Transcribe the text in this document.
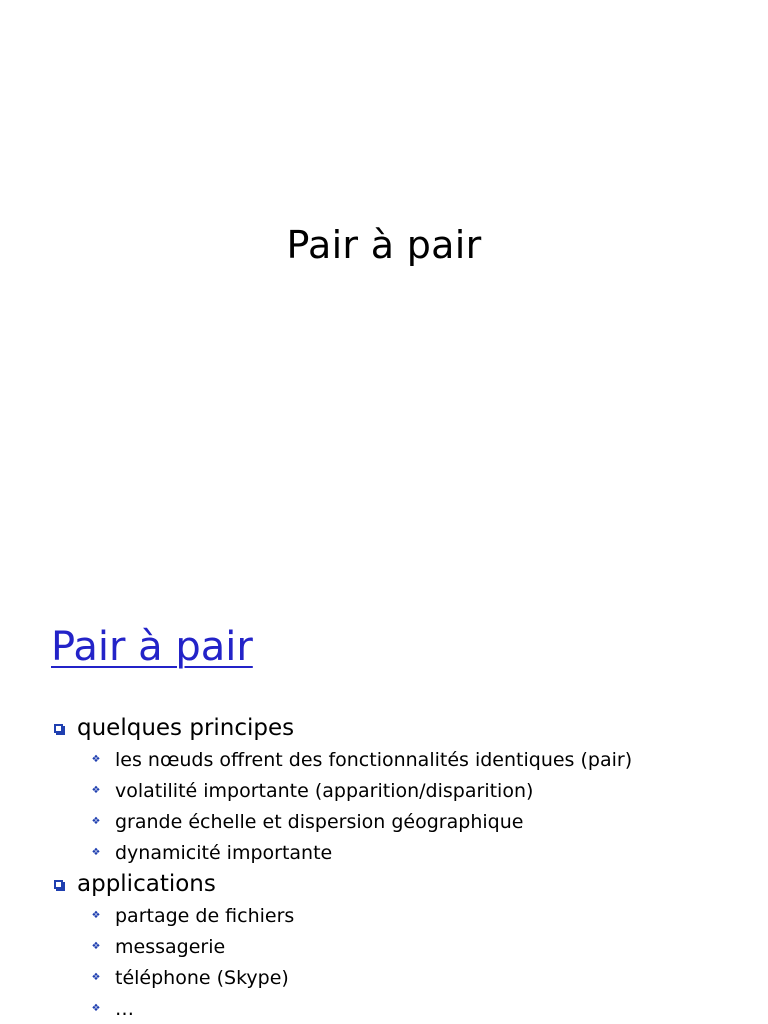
Pair à pair
Pair à pair
quelques principes
❖ les nœuds offrent des fonctionnalités identiques (pair)
❖ volatilité importante (apparition/disparition)
❖ grande échelle et dispersion géographique
❖ dynamicité importante
applications
❖ partage de fichiers
❖ messagerie
❖ téléphone (Skype)
❖ …
